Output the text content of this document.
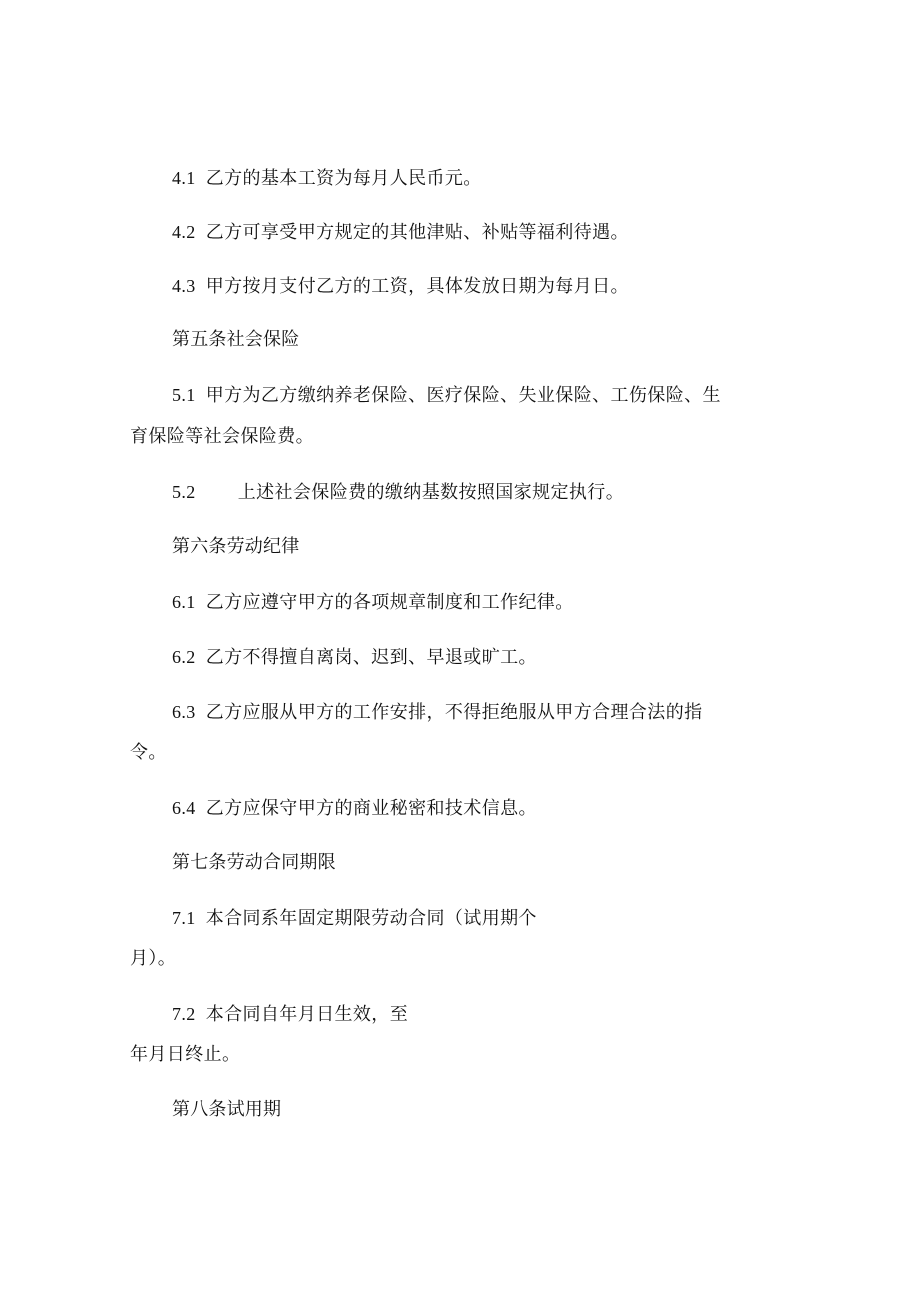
4.1 乙方的基本工资为每月人民币元。
4.2 乙方可享受甲方规定的其他津贴、补贴等福利待遇。
4.3 甲方按月支付乙方的工资，具体发放日期为每月日。
第五条社会保险
5.1 甲方为乙方缴纳养老保险、医疗保险、失业保险、工伤保险、生
育保险等社会保险费。
5.2 上述社会保险费的缴纳基数按照国家规定执行。
第六条劳动纪律
6.1 乙方应遵守甲方的各项规章制度和工作纪律。
6.2 乙方不得擅自离岗、迟到、早退或旷工。
6.3 乙方应服从甲方的工作安排，不得拒绝服从甲方合理合法的指
令。
6.4 乙方应保守甲方的商业秘密和技术信息。
第七条劳动合同期限
7.1 本合同系年固定期限劳动合同（试用期个
月）。
7.2 本合同自年月日生效，至
年月日终止。
第八条试用期
